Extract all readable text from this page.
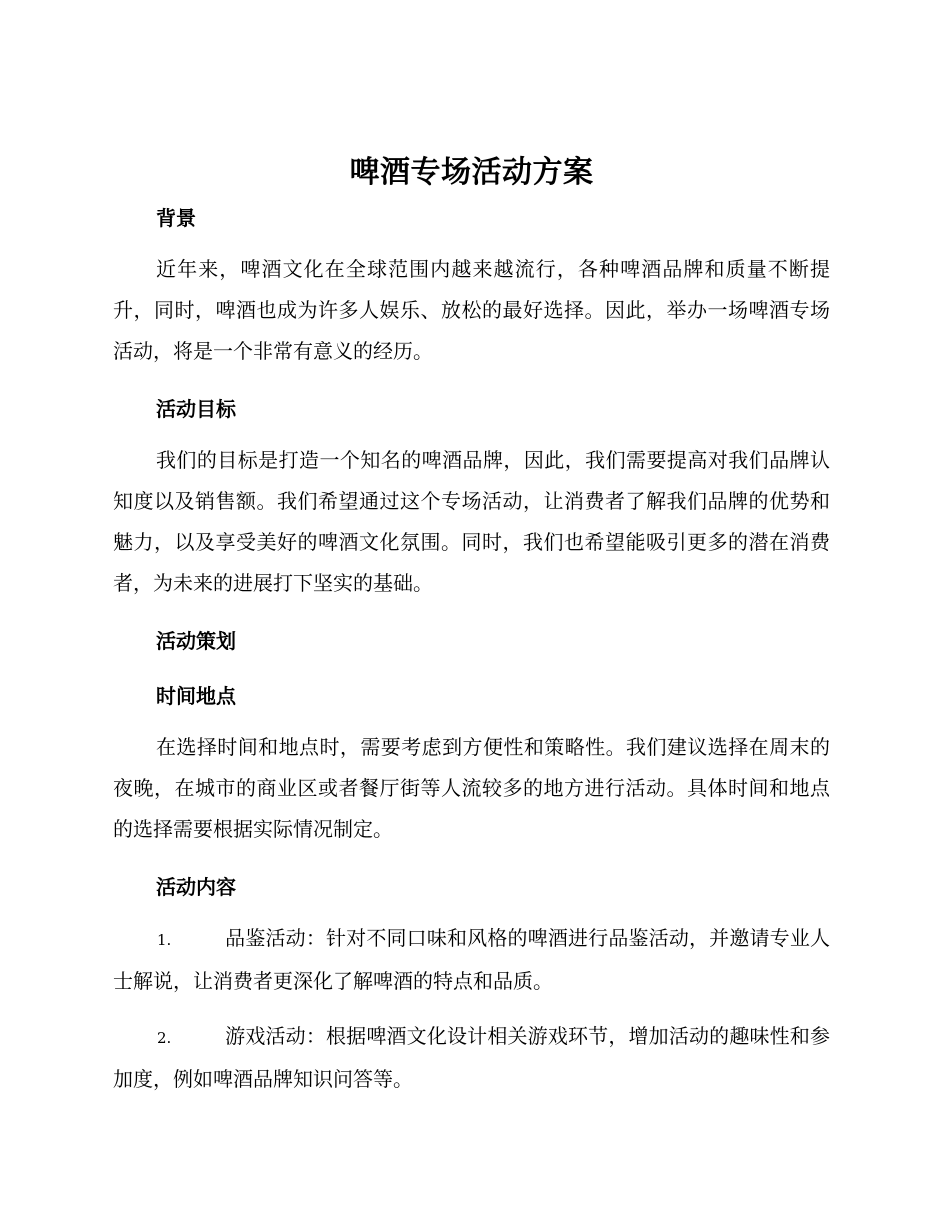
啤酒专场活动方案
背景

近年来，啤酒文化在全球范围内越来越流行，各种啤酒品牌和质量不断提升，同时，啤酒也成为许多人娱乐、放松的最好选择。因此，举办一场啤酒专场活动，将是一个非常有意义的经历。

活动目标

我们的目标是打造一个知名的啤酒品牌，因此，我们需要提高对我们品牌认知度以及销售额。我们希望通过这个专场活动，让消费者了解我们品牌的优势和魅力，以及享受美好的啤酒文化氛围。同时，我们也希望能吸引更多的潜在消费者，为未来的进展打下坚实的基础。

活动策划
时间地点

在选择时间和地点时，需要考虑到方便性和策略性。我们建议选择在周末的夜晚，在城市的商业区或者餐厅街等人流较多的地方进行活动。具体时间和地点的选择需要根据实际情况制定。

活动内容

1.	品鉴活动：针对不同口味和风格的啤酒进行品鉴活动，并邀请专业人士解说，让消费者更深化了解啤酒的特点和品质。

2.	游戏活动：根据啤酒文化设计相关游戏环节，增加活动的趣味性和参加度，例如啤酒品牌知识问答等。
